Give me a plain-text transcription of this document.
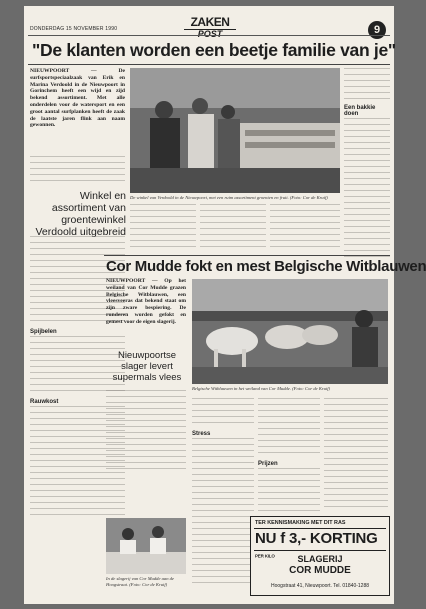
DONDERDAG 15 NOVEMBER 1990	ZAKEN
POST	9
"De klanten worden een beetje familie van je"
NIEUWPOORT — De surfsportspeciaalzaak van Erik en Marina Verdoold in de Nieuwpoort in Gorinchem heeft een wijd en zijd bekend assortiment. Met alle onderdelen voor de watersport en een groot aantal surfplanken heeft de zaak de laatste jaren flink aan naam gewonnen.
Winkel en assortiment van groentewinkel Verdoold uitgebreid
Spijbelen
Rauwkost
De winkel van Verdoold in de Nieuwpoort, met een ruim assortiment groenten en fruit. (Foto: Cor de Kruif)
Een bakkie doen
Cor Mudde fokt en mest Belgische Witblauwen
NIEUWPOORT — Op het weiland van Cor Mudde grazen Belgische Witblauwen, een vleesveeras dat bekend staat om zijn zware bespiering. De runderen worden gefokt en gemest voor de eigen slagerij.
Nieuwpoortse slager levert supermals vlees
Belgische Witblauwen in het weiland van Cor Mudde. (Foto: Cor de Kruif)
In de slagerij van Cor Mudde aan de Hoogstraat. (Foto: Cor de Kruif)
Stress
Prijzen
TER KENNISMAKING MET DIT RAS
NU f 3,- KORTING PER KILO	SLAGERIJ
COR MUDDE
Hoogstraat 41, Nieuwpoort. Tel. 01840-1288
